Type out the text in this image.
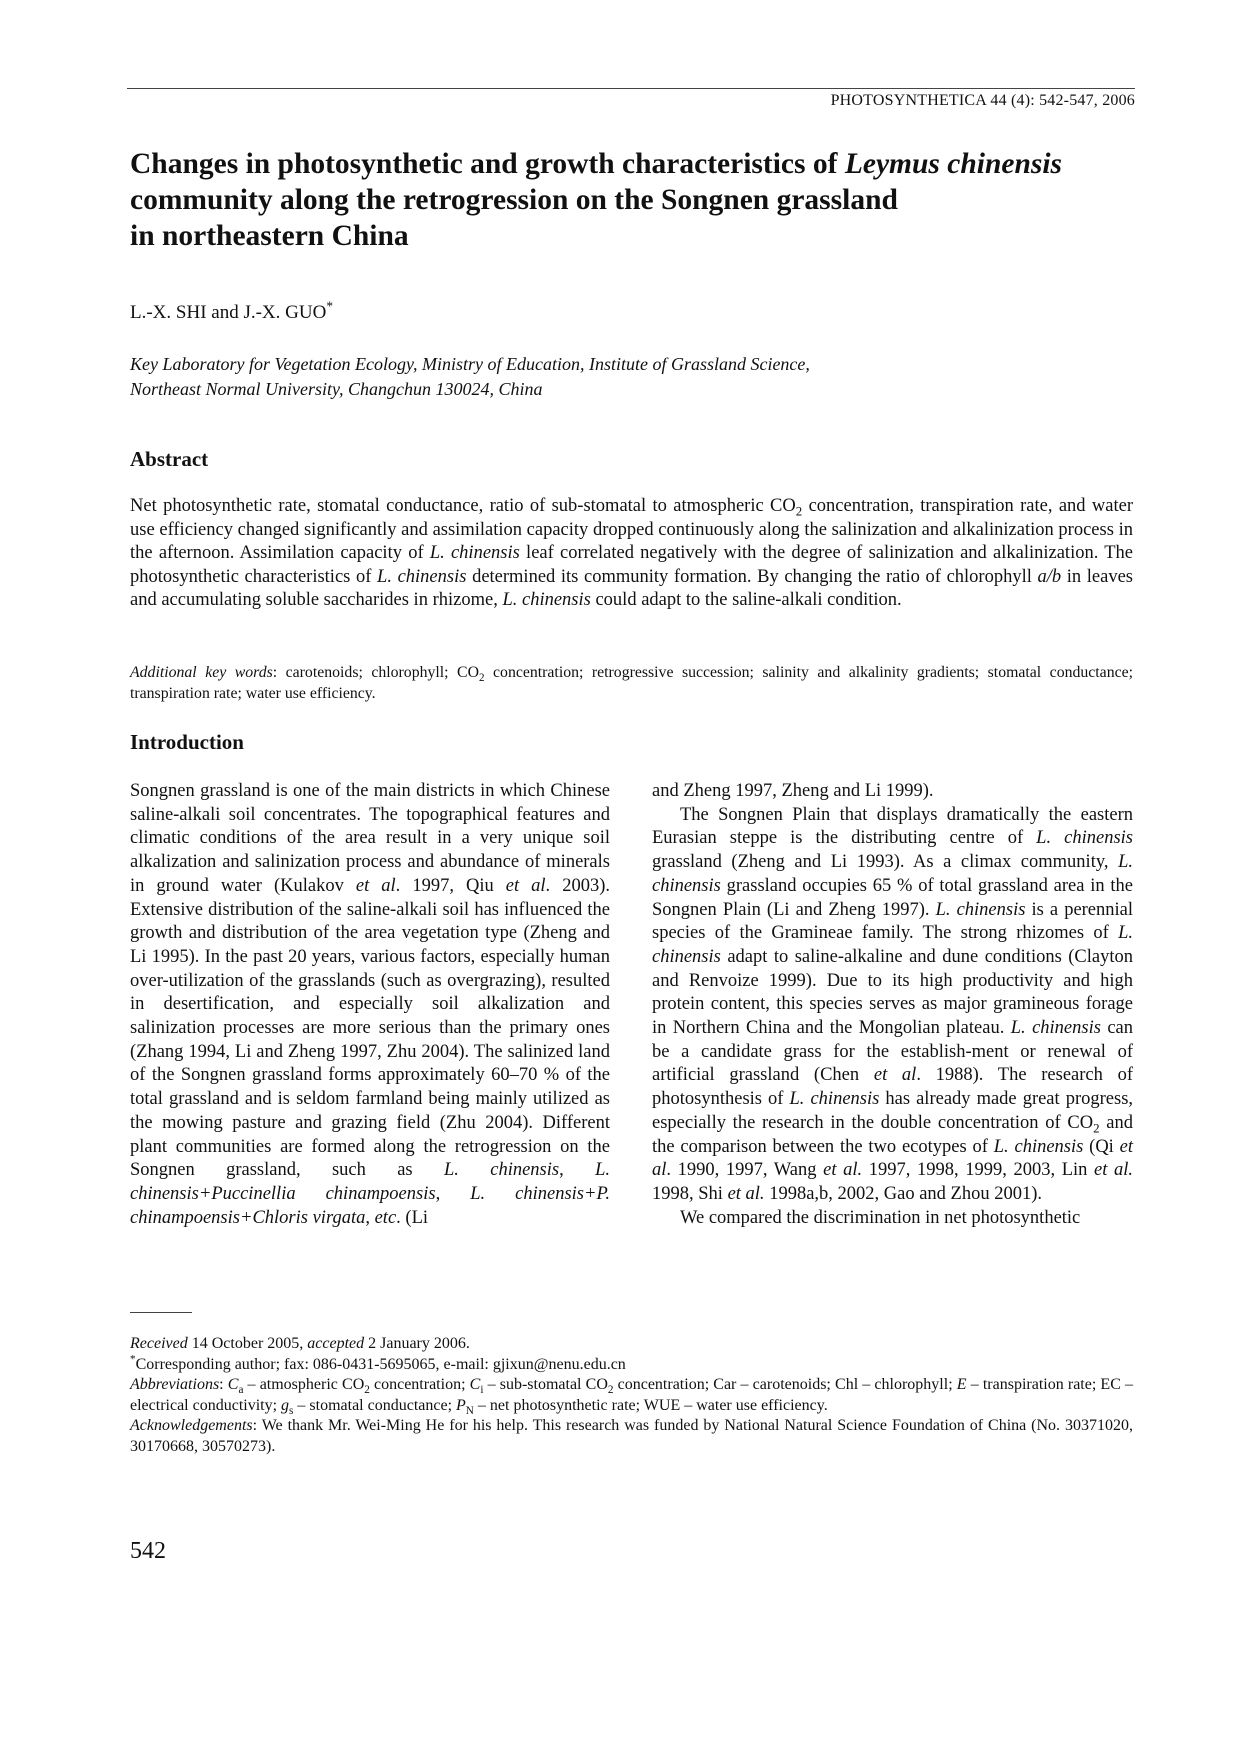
PHOTOSYNTHETICA 44 (4): 542-547, 2006
Changes in photosynthetic and growth characteristics of Leymus chinensis
community along the retrogression on the Songnen grassland
in northeastern China
L.-X. SHI and J.-X. GUO*
Key Laboratory for Vegetation Ecology, Ministry of Education, Institute of Grassland Science,
Northeast Normal University, Changchun 130024, China
Abstract
Net photosynthetic rate, stomatal conductance, ratio of sub-stomatal to atmospheric $CO_2$ concentration, transpiration rate, and water use efficiency changed significantly and assimilation capacity dropped continuously along the salinization and alkalinization process in the afternoon. Assimilation capacity of L. chinensis leaf correlated negatively with the degree of salinization and alkalinization. The photosynthetic characteristics of L. chinensis determined its community formation. By changing the ratio of chlorophyll a/b in leaves and accumulating soluble saccharides in rhizome, L. chinensis could adapt to the saline-alkali condition.
Additional key words: carotenoids; chlorophyll; $CO_2$ concentration; retrogressive succession; salinity and alkalinity gradients; stomatal conductance; transpiration rate; water use efficiency.
Introduction

Songnen grassland is one of the main districts in which Chinese saline-alkali soil concentrates. The topographical features and climatic conditions of the area result in a very unique soil alkalization and salinization process and abundance of minerals in ground water (Kulakov et al. 1997, Qiu et al. 2003). Extensive distribution of the saline-alkali soil has influenced the growth and distribution of the area vegetation type (Zheng and Li 1995). In the past 20 years, various factors, especially human over-utilization of the grasslands (such as overgrazing), resulted in desertification, and especially soil alkalization and salinization processes are more serious than the primary ones (Zhang 1994, Li and Zheng 1997, Zhu 2004). The salinized land of the Songnen grassland forms approximately 60–70 % of the total grassland and is seldom farmland being mainly utilized as the mowing pasture and grazing field (Zhu 2004). Different plant communities are formed along the retrogression on the Songnen grassland, such as L. chinensis, L. chinensis+Puccinellia chinampoensis, L. chinensis+P. chinampoensis+Chloris virgata, etc. (Li

and Zheng 1997, Zheng and Li 1999).

The Songnen Plain that displays dramatically the eastern Eurasian steppe is the distributing centre of L. chinensis grassland (Zheng and Li 1993). As a climax community, L. chinensis grassland occupies 65 % of total grassland area in the Songnen Plain (Li and Zheng 1997). L. chinensis is a perennial species of the Gramineae family. The strong rhizomes of L. chinensis adapt to saline-alkaline and dune conditions (Clayton and Renvoize 1999). Due to its high productivity and high protein content, this species serves as major gramineous forage in Northern China and the Mongolian plateau. L. chinensis can be a candidate grass for the establish-ment or renewal of artificial grassland (Chen et al. 1988). The research of photosynthesis of L. chinensis has already made great progress, especially the research in the double concentration of $CO_2$ and the comparison between the two ecotypes of L. chinensis (Qi et al. 1990, 1997, Wang et al. 1997, 1998, 1999, 2003, Lin et al. 1998, Shi et al. 1998a,b, 2002, Gao and Zhou 2001).

We compared the discrimination in net photosynthetic

Received 14 October 2005, accepted 2 January 2006.

*Corresponding author; fax: 086-0431-5695065, e-mail: gjixun@nenu.edu.cn

Abbreviations: $C_a$ – atmospheric $CO_2$ concentration; $C_i$ – sub-stomatal $CO_2$ concentration; Car – carotenoids; Chl – chlorophyll; E – transpiration rate; EC – electrical conductivity; $g_s$ – stomatal conductance; $P_N$ – net photosynthetic rate; WUE – water use efficiency.

Acknowledgements: We thank Mr. Wei-Ming He for his help. This research was funded by National Natural Science Foundation of China (No. 30371020, 30170668, 30570273).

542
